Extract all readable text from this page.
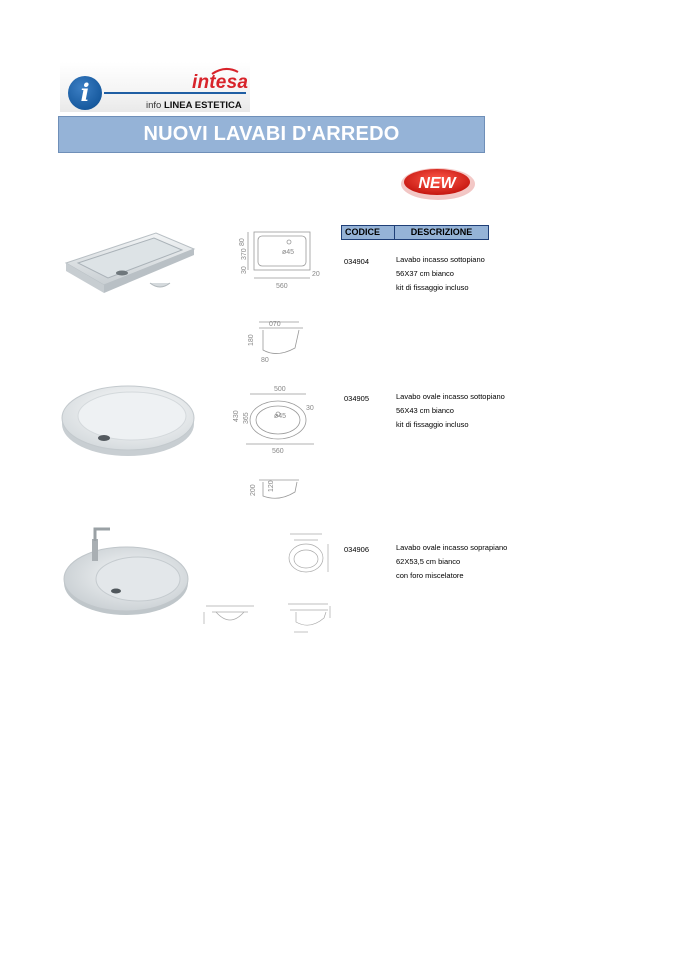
i	intesa
info LINEA ESTETICA
NUOVI LAVABI D'ARREDO
NEW
CODICE	DESCRIZIONE
80
370
30
ø45
560
20
070
180
80
034904	Lavabo incasso sottopiano
56X37 cm bianco
kit di fissaggio incluso
500
430 365	ø45
560
30
200 120
034905	Lavabo ovale incasso sottopiano
56X43 cm bianco
kit di fissaggio incluso
034906	Lavabo ovale incasso soprapiano
62X53,5 cm bianco
con foro miscelatore
